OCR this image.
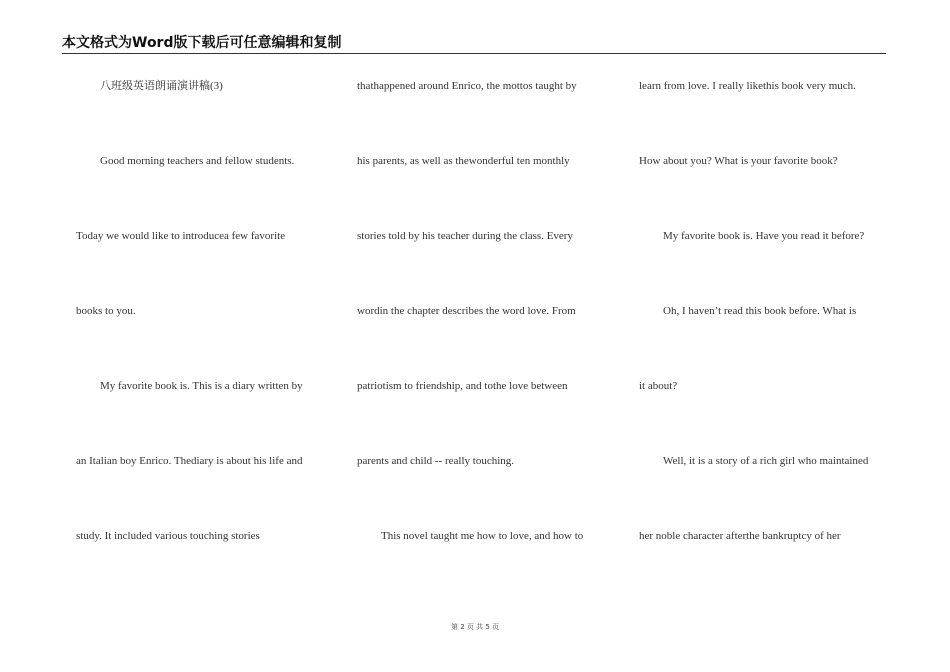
本文格式为Word版下载后可任意编辑和复制
八班级英语朗诵演讲稿(3)
Good morning teachers and fellow students.
Today we would like to introducea few favorite
books to you.
My favorite book is. This is a diary written by
an Italian boy Enrico. Thediary is about his life and
study. It included various touching stories
thathappened around Enrico, the mottos taught by
his parents, as well as thewonderful ten monthly
stories told by his teacher during the class. Every
wordin the chapter describes the word love. From
patriotism to friendship, and tothe love between
parents and child -- really touching.
This novel taught me how to love, and how to
learn from love. I really likethis book very much.
How about you? What is your favorite book?
My favorite book is. Have you read it before?
Oh, I haven’t read this book before. What is
it about?
Well, it is a story of a rich girl who maintained
her noble character afterthe bankruptcy of her
第 2 页 共 5 页
